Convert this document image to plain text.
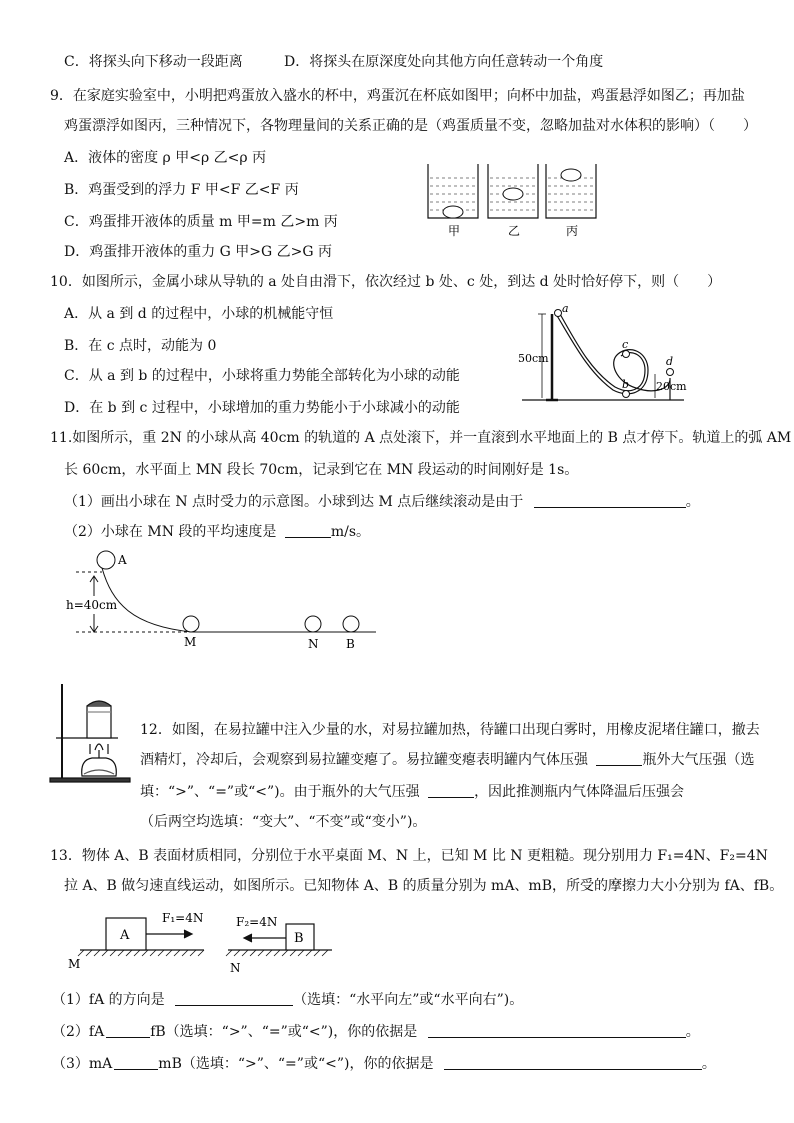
C．将探头向下移动一段距离	D．将探头在原深度处向其他方向任意转动一个角度
9．在家庭实验室中，小明把鸡蛋放入盛水的杯中，鸡蛋沉在杯底如图甲；向杯中加盐，鸡蛋悬浮如图乙；再加盐
鸡蛋漂浮如图丙，三种情况下，各物理量间的关系正确的是（鸡蛋质量不变，忽略加盐对水体积的影响）（　　）
A．液体的密度 ρ 甲<ρ 乙<ρ 丙
B．鸡蛋受到的浮力 F 甲<F 乙<F 丙
C．鸡蛋排开液体的质量 m 甲=m 乙>m 丙
D．鸡蛋排开液体的重力 G 甲>G 乙>G 丙
甲	乙	丙
10．如图所示，金属小球从导轨的 a 处自由滑下，依次经过 b 处、c 处，到达 d 处时恰好停下，则（　　）
A．从 a 到 d 的过程中，小球的机械能守恒
B．在 c 点时，动能为 0
C．从 a 到 b 的过程中，小球将重力势能全部转化为小球的动能
D．在 b 到 c 过程中，小球增加的重力势能小于小球减小的动能
a
c
b
d
50cm
20cm
11.如图所示，重 2N 的小球从高 40cm 的轨道的 A 点处滚下，并一直滚到水平地面上的 B 点才停下。轨道上的弧 AM
长 60cm，水平面上 MN 段长 70cm，记录到它在 MN 段运动的时间刚好是 1s。
（1）画出小球在 N 点时受力的示意图。小球到达 M 点后继续滚动是由于	。
（2）小球在 MN 段的平均速度是	m/s。
A
h=40cm
M	N B
12．如图，在易拉罐中注入少量的水，对易拉罐加热，待罐口出现白雾时，用橡皮泥堵住罐口，撤去
酒精灯，冷却后，会观察到易拉罐变瘪了。易拉罐变瘪表明罐内气体压强	瓶外大气压强（选
填：“>”、“=”或“<”)。由于瓶外的大气压强	，因此推测瓶内气体降温后压强会
（后两空均选填：“变大”、“不变”或“变小”)。
13．物体 A、B 表面材质相同，分别位于水平桌面 M、N 上，已知 M 比 N 更粗糙。现分别用力 F₁=4N、F₂=4N
拉 A、B 做匀速直线运动，如图所示。已知物体 A、B 的质量分别为 mA、mB，所受的摩擦力大小分别为 fA、fB。
A
F₁=4N
M
F₂=4N
B
N
（1）fA 的方向是	（选填：“水平向左”或“水平向右”)。
（2）fA	fB（选填：“>”、“=”或“<”)，你的依据是	。
（3）mA	mB（选填：“>”、“=”或“<”)，你的依据是	。
